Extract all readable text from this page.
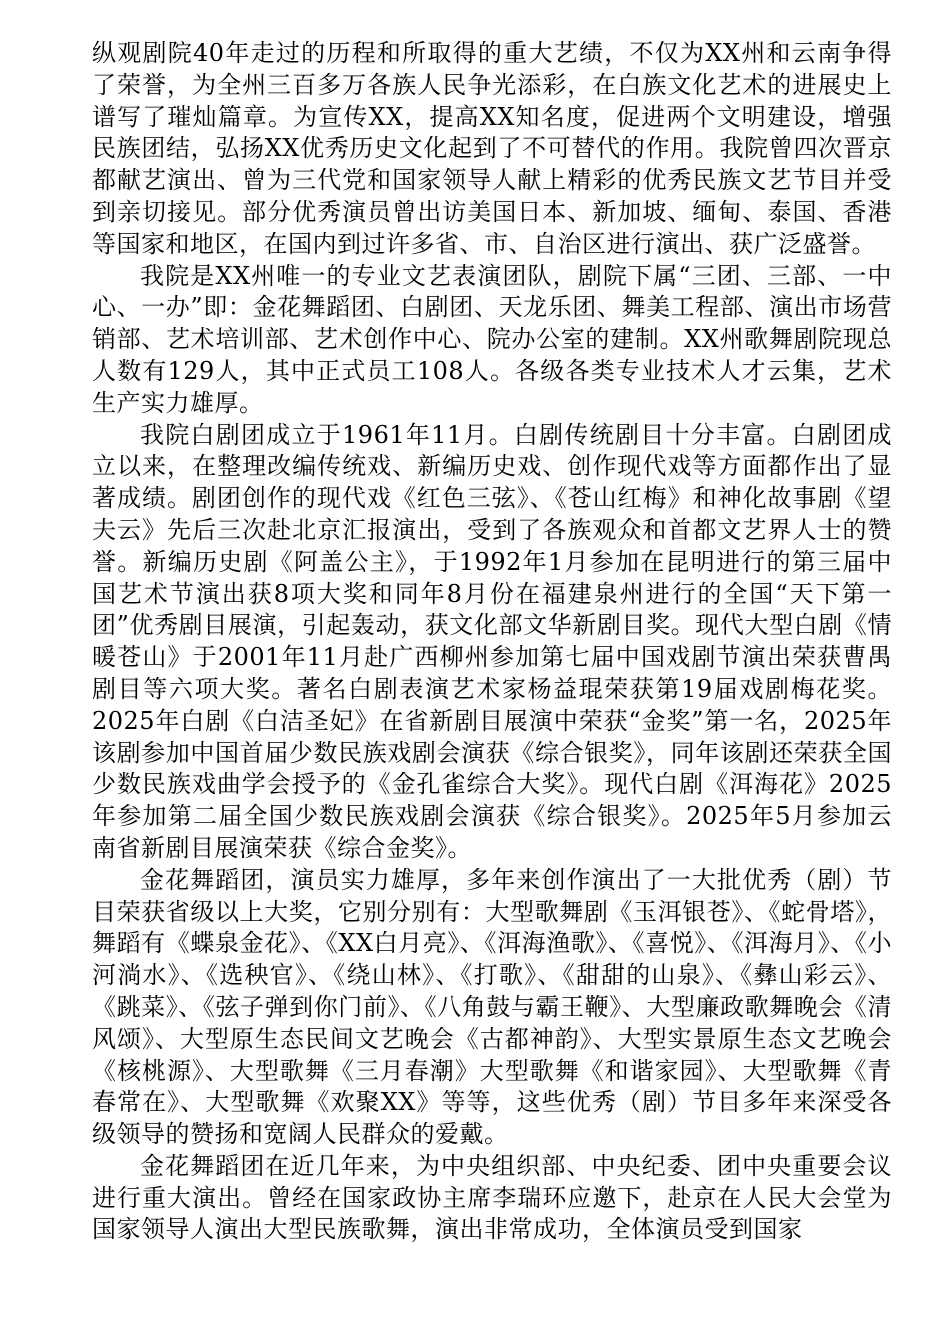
纵观剧院40年走过的历程和所取得的重大艺绩，不仅为XX州和云南争得了荣誉，为全州三百多万各族人民争光添彩，在白族文化艺术的进展史上谱写了璀灿篇章。为宣传XX，提高XX知名度，促进两个文明建设，增强民族团结，弘扬XX优秀历史文化起到了不可替代的作用。我院曾四次晋京都献艺演出、曾为三代党和国家领导人献上精彩的优秀民族文艺节目并受到亲切接见。部分优秀演员曾出访美国日本、新加坡、缅甸、泰国、香港等国家和地区，在国内到过许多省、市、自治区进行演出、获广泛盛誉。

我院是XX州唯一的专业文艺表演团队，剧院下属“三团、三部、一中心、一办”即：金花舞蹈团、白剧团、天龙乐团、舞美工程部、演出市场营销部、艺术培训部、艺术创作中心、院办公室的建制。XX州歌舞剧院现总人数有129人，其中正式员工108人。各级各类专业技术人才云集，艺术生产实力雄厚。

我院白剧团成立于1961年11月。白剧传统剧目十分丰富。白剧团成立以来，在整理改编传统戏、新编历史戏、创作现代戏等方面都作出了显著成绩。剧团创作的现代戏《红色三弦》、《苍山红梅》和神化故事剧《望夫云》先后三次赴北京汇报演出，受到了各族观众和首都文艺界人士的赞誉。新编历史剧《阿盖公主》，于1992年1月参加在昆明进行的第三届中国艺术节演出获8项大奖和同年8月份在福建泉州进行的全国“天下第一团”优秀剧目展演，引起轰动，获文化部文华新剧目奖。现代大型白剧《情暖苍山》于2001年11月赴广西柳州参加第七届中国戏剧节演出荣获曹禺剧目等六项大奖。著名白剧表演艺术家杨益琨荣获第19届戏剧梅花奖。2025年白剧《白洁圣妃》在省新剧目展演中荣获“金奖”第一名，2025年该剧参加中国首届少数民族戏剧会演获《综合银奖》，同年该剧还荣获全国少数民族戏曲学会授予的《金孔雀综合大奖》。现代白剧《洱海花》2025年参加第二届全国少数民族戏剧会演获《综合银奖》。2025年5月参加云南省新剧目展演荣获《综合金奖》。

金花舞蹈团，演员实力雄厚，多年来创作演出了一大批优秀（剧）节目荣获省级以上大奖，它别分别有：大型歌舞剧《玉洱银苍》、《蛇骨塔》，舞蹈有《蝶泉金花》、《XX白月亮》、《洱海渔歌》、《喜悦》、《洱海月》、《小河淌水》、《选秧官》、《绕山林》、《打歌》、《甜甜的山泉》、《彝山彩云》、《跳菜》、《弦子弹到你门前》、《八角鼓与霸王鞭》、大型廉政歌舞晚会《清风颂》、大型原生态民间文艺晚会《古都神韵》、大型实景原生态文艺晚会《核桃源》、大型歌舞《三月春潮》大型歌舞《和谐家园》、大型歌舞《青春常在》、大型歌舞《欢聚XX》等等，这些优秀（剧）节目多年来深受各级领导的赞扬和宽阔人民群众的爱戴。

金花舞蹈团在近几年来，为中央组织部、中央纪委、团中央重要会议进行重大演出。曾经在国家政协主席李瑞环应邀下，赴京在人民大会堂为国家领导人演出大型民族歌舞，演出非常成功，全体演员受到国家
